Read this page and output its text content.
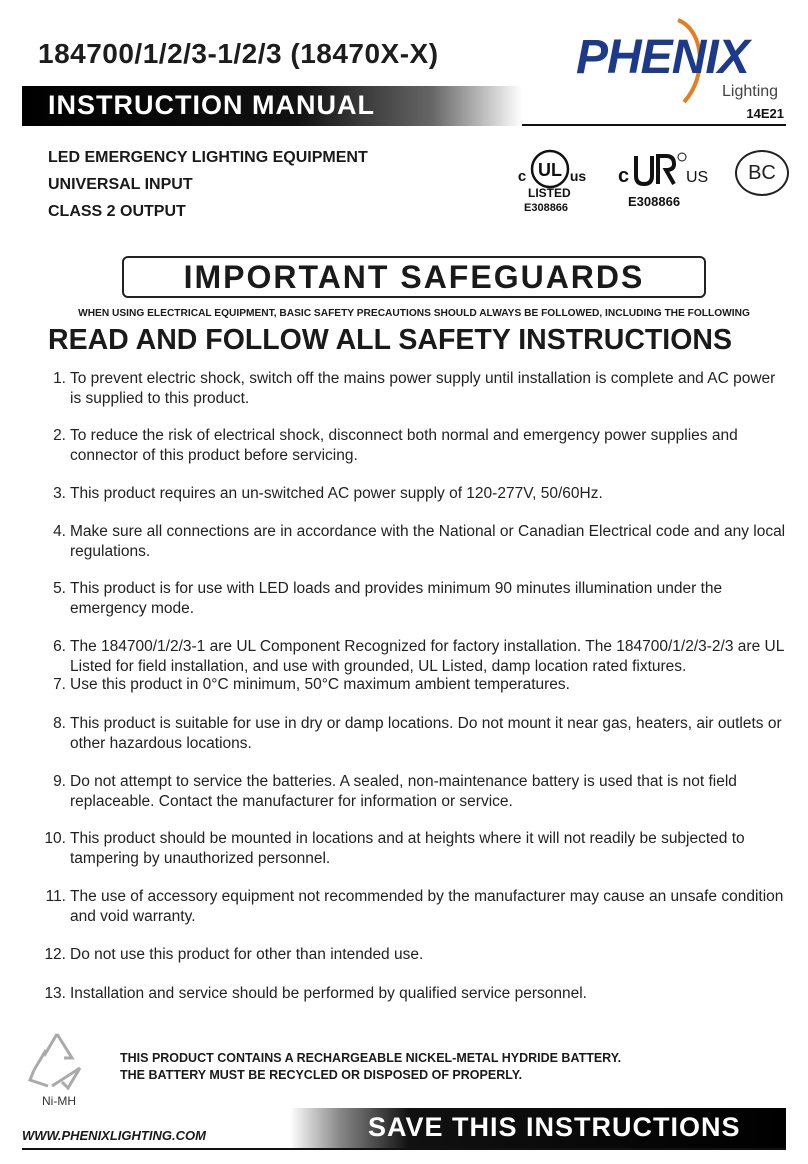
184700/1/2/3-1/2/3 (18470X-X)	PHENIX
Lighting
INSTRUCTION MANUAL	14E21
LED EMERGENCY LIGHTING EQUIPMENT
UNIVERSAL INPUT
CLASS 2 OUTPUT
UL
c	us
LISTED
E308866
c	US
E308866
BC
IMPORTANT SAFEGUARDS
WHEN USING ELECTRICAL EQUIPMENT, BASIC SAFETY PRECAUTIONS SHOULD ALWAYS BE FOLLOWED, INCLUDING THE FOLLOWING
READ AND FOLLOW ALL SAFETY INSTRUCTIONS
1. To prevent electric shock, switch off the mains power supply until installation is complete and AC power is supplied to this product.
2. To reduce the risk of electrical shock, disconnect both normal and emergency power supplies and connector of this product before servicing.
3. This product requires an un-switched AC power supply of 120-277V, 50/60Hz.
4. Make sure all connections are in accordance with the National or Canadian Electrical code and any local regulations.
5. This product is for use with LED loads and provides minimum 90 minutes illumination under the emergency mode.
6. The 184700/1/2/3-1 are UL Component Recognized for factory installation. The 184700/1/2/3-2/3 are UL Listed for field installation, and use with grounded, UL Listed, damp location rated fixtures.
7. Use this product in 0°C minimum, 50°C maximum ambient temperatures.
8. This product is suitable for use in dry or damp locations. Do not mount it near gas, heaters, air outlets or other hazardous locations.
9. Do not attempt to service the batteries. A sealed, non-maintenance battery is used that is not field replaceable. Contact the manufacturer for information or service.
10. This product should be mounted in locations and at heights where it will not readily be subjected to tampering by unauthorized personnel.
11. The use of accessory equipment not recommended by the manufacturer may cause an unsafe condition and void warranty.
12. Do not use this product for other than intended use.
13. Installation and service should be performed by qualified service personnel.
Ni-MH
THIS PRODUCT CONTAINS A RECHARGEABLE NICKEL-METAL HYDRIDE BATTERY.
THE BATTERY MUST BE RECYCLED OR DISPOSED OF PROPERLY.
SAVE THIS INSTRUCTIONS
WWW.PHENIXLIGHTING.COM
